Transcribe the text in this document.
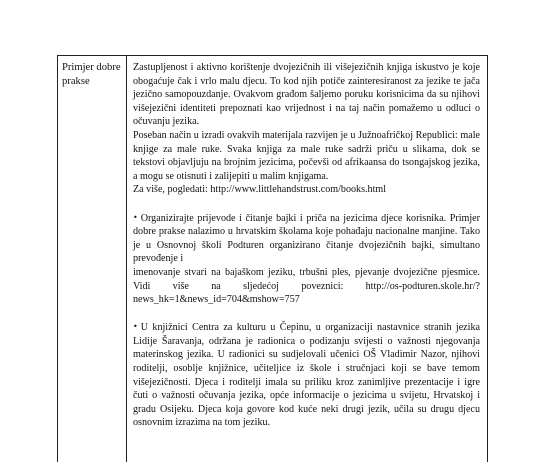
Primjer dobre prakse

Zastupljenost i aktivno korištenje dvojezičnih ili višejezičnih knjiga iskustvo je koje obogaćuje čak i vrlo malu djecu. To kod njih potiče zainteresiranost za jezike te jača jezično samopouzdanje. Ovakvom građom šaljemo poruku korisnicima da su njihovi višejezični identiteti prepoznati kao vrijednost i na taj način pomažemo u odluci o očuvanju jezika.

Poseban način u izradi ovakvih materijala razvijen je u Južnoafričkoj Republici: male knjige za male ruke. Svaka knjiga za male ruke sadrži priču u slikama, dok se tekstovi objavljuju na brojnim jezicima, počevši od afrikaansa do tsongajskog jezika, a mogu se otisnuti i zalijepiti u malim knjigama.

Za više, pogledati: http://www.littlehandstrust.com/books.html

• Organizirajte prijevode i čitanje bajki i priča na jezicima djece korisnika. Primjer dobre prakse nalazimo u hrvatskim školama koje pohađaju nacionalne manjine. Tako je u Osnovnoj školi Podturen organizirano čitanje dvojezičnih bajki, simultano prevođenje i

imenovanje stvari na bajaškom jeziku, trbušni ples, pjevanje dvojezične pjesmice. Vidi više na sljedećoj poveznici: http://os-podturen.skole.hr/?news_hk=1&news_id=704&mshow=757

• U knjižnici Centra za kulturu u Čepinu, u organizaciji nastavnice stranih jezika Lidije Šaravanja, održana je radionica o podizanju svijesti o važnosti njegovanja materinskog jezika. U radionici su sudjelovali učenici OŠ Vladimir Nazor, njihovi roditelji, osoblje knjižnice, učiteljice iz škole i stručnjaci koji se bave temom višejezičnosti. Djeca i roditelji imala su priliku kroz zanimljive prezentacije i igre čuti o važnosti očuvanja jezika, opće informacije o jezicima u svijetu, Hrvatskoj i gradu Osijeku. Djeca koja govore kod kuće neki drugi jezik, učila su drugu djecu osnovnim izrazima na tom jeziku.
